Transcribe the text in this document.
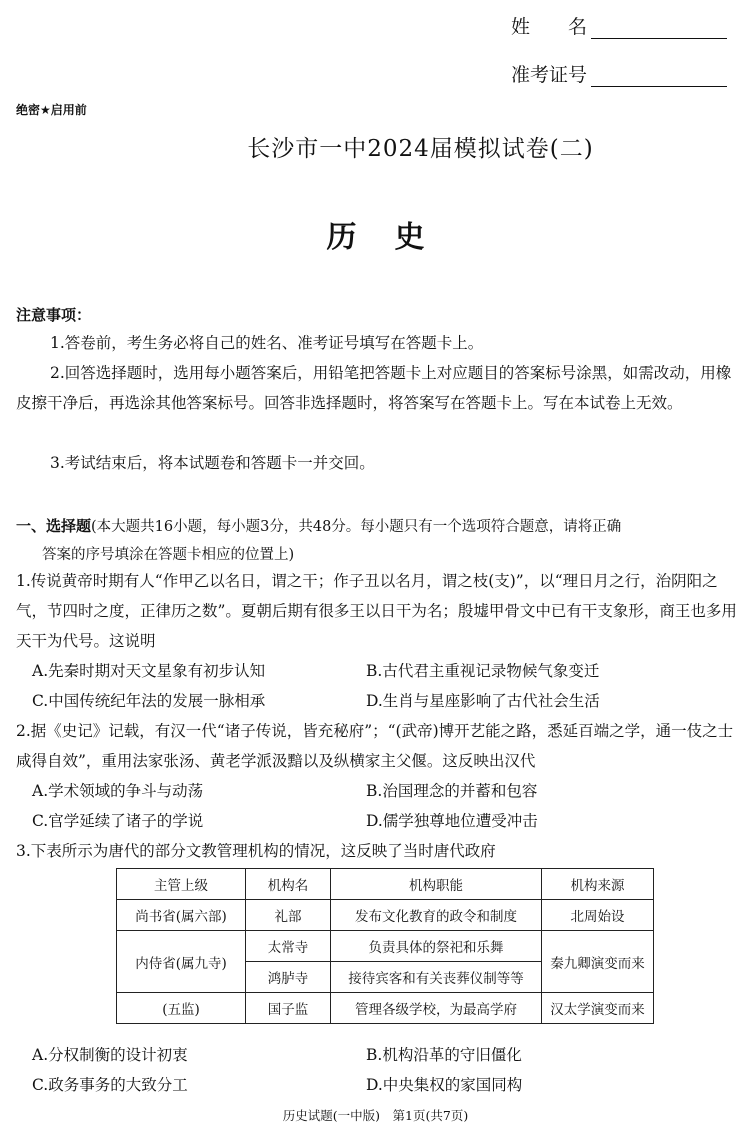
姓　　名
准考证号
绝密★启用前
长沙市一中2024届模拟试卷(二)
历史
注意事项：
1.答卷前，考生务必将自己的姓名、准考证号填写在答题卡上。
2.回答选择题时，选用每小题答案后，用铅笔把答题卡上对应题目的答案标号涂黑，如需改动，用橡皮擦干净后，再选涂其他答案标号。回答非选择题时，将答案写在答题卡上。写在本试卷上无效。
3.考试结束后，将本试题卷和答题卡一并交回。
一、选择题(本大题共16小题，每小题3分，共48分。每小题只有一个选项符合题意，请将正确
答案的序号填涂在答题卡相应的位置上)
1.传说黄帝时期有人“作甲乙以名日，谓之干；作子丑以名月，谓之枝(支)”，以“理日月之行，治阴阳之气，节四时之度，正律历之数”。夏朝后期有很多王以日干为名；殷墟甲骨文中已有干支象形，商王也多用天干为代号。这说明
A.先秦时期对天文星象有初步认知	B.古代君主重视记录物候气象变迁
C.中国传统纪年法的发展一脉相承	D.生肖与星座影响了古代社会生活
2.据《史记》记载，有汉一代“诸子传说，皆充秘府”；“(武帝)博开艺能之路，悉延百端之学，通一伎之士咸得自效”，重用法家张汤、黄老学派汲黯以及纵横家主父偃。这反映出汉代
A.学术领域的争斗与动荡	B.治国理念的并蓄和包容
C.官学延续了诸子的学说	D.儒学独尊地位遭受冲击
3.下表所示为唐代的部分文教管理机构的情况，这反映了当时唐代政府
主管上级	机构名	机构职能	机构来源
尚书省(属六部)	礼部	发布文化教育的政令和制度	北周始设
内侍省(属九寺)	太常寺	负责具体的祭祀和乐舞	秦九卿演变而来
	鸿胪寺	接待宾客和有关丧葬仪制等等	
(五监)	国子监	管理各级学校，为最高学府	汉太学演变而来
A.分权制衡的设计初衷	B.机构沿革的守旧僵化
C.政务事务的大致分工	D.中央集权的家国同构
历史试题(一中版)　第1页(共7页)
